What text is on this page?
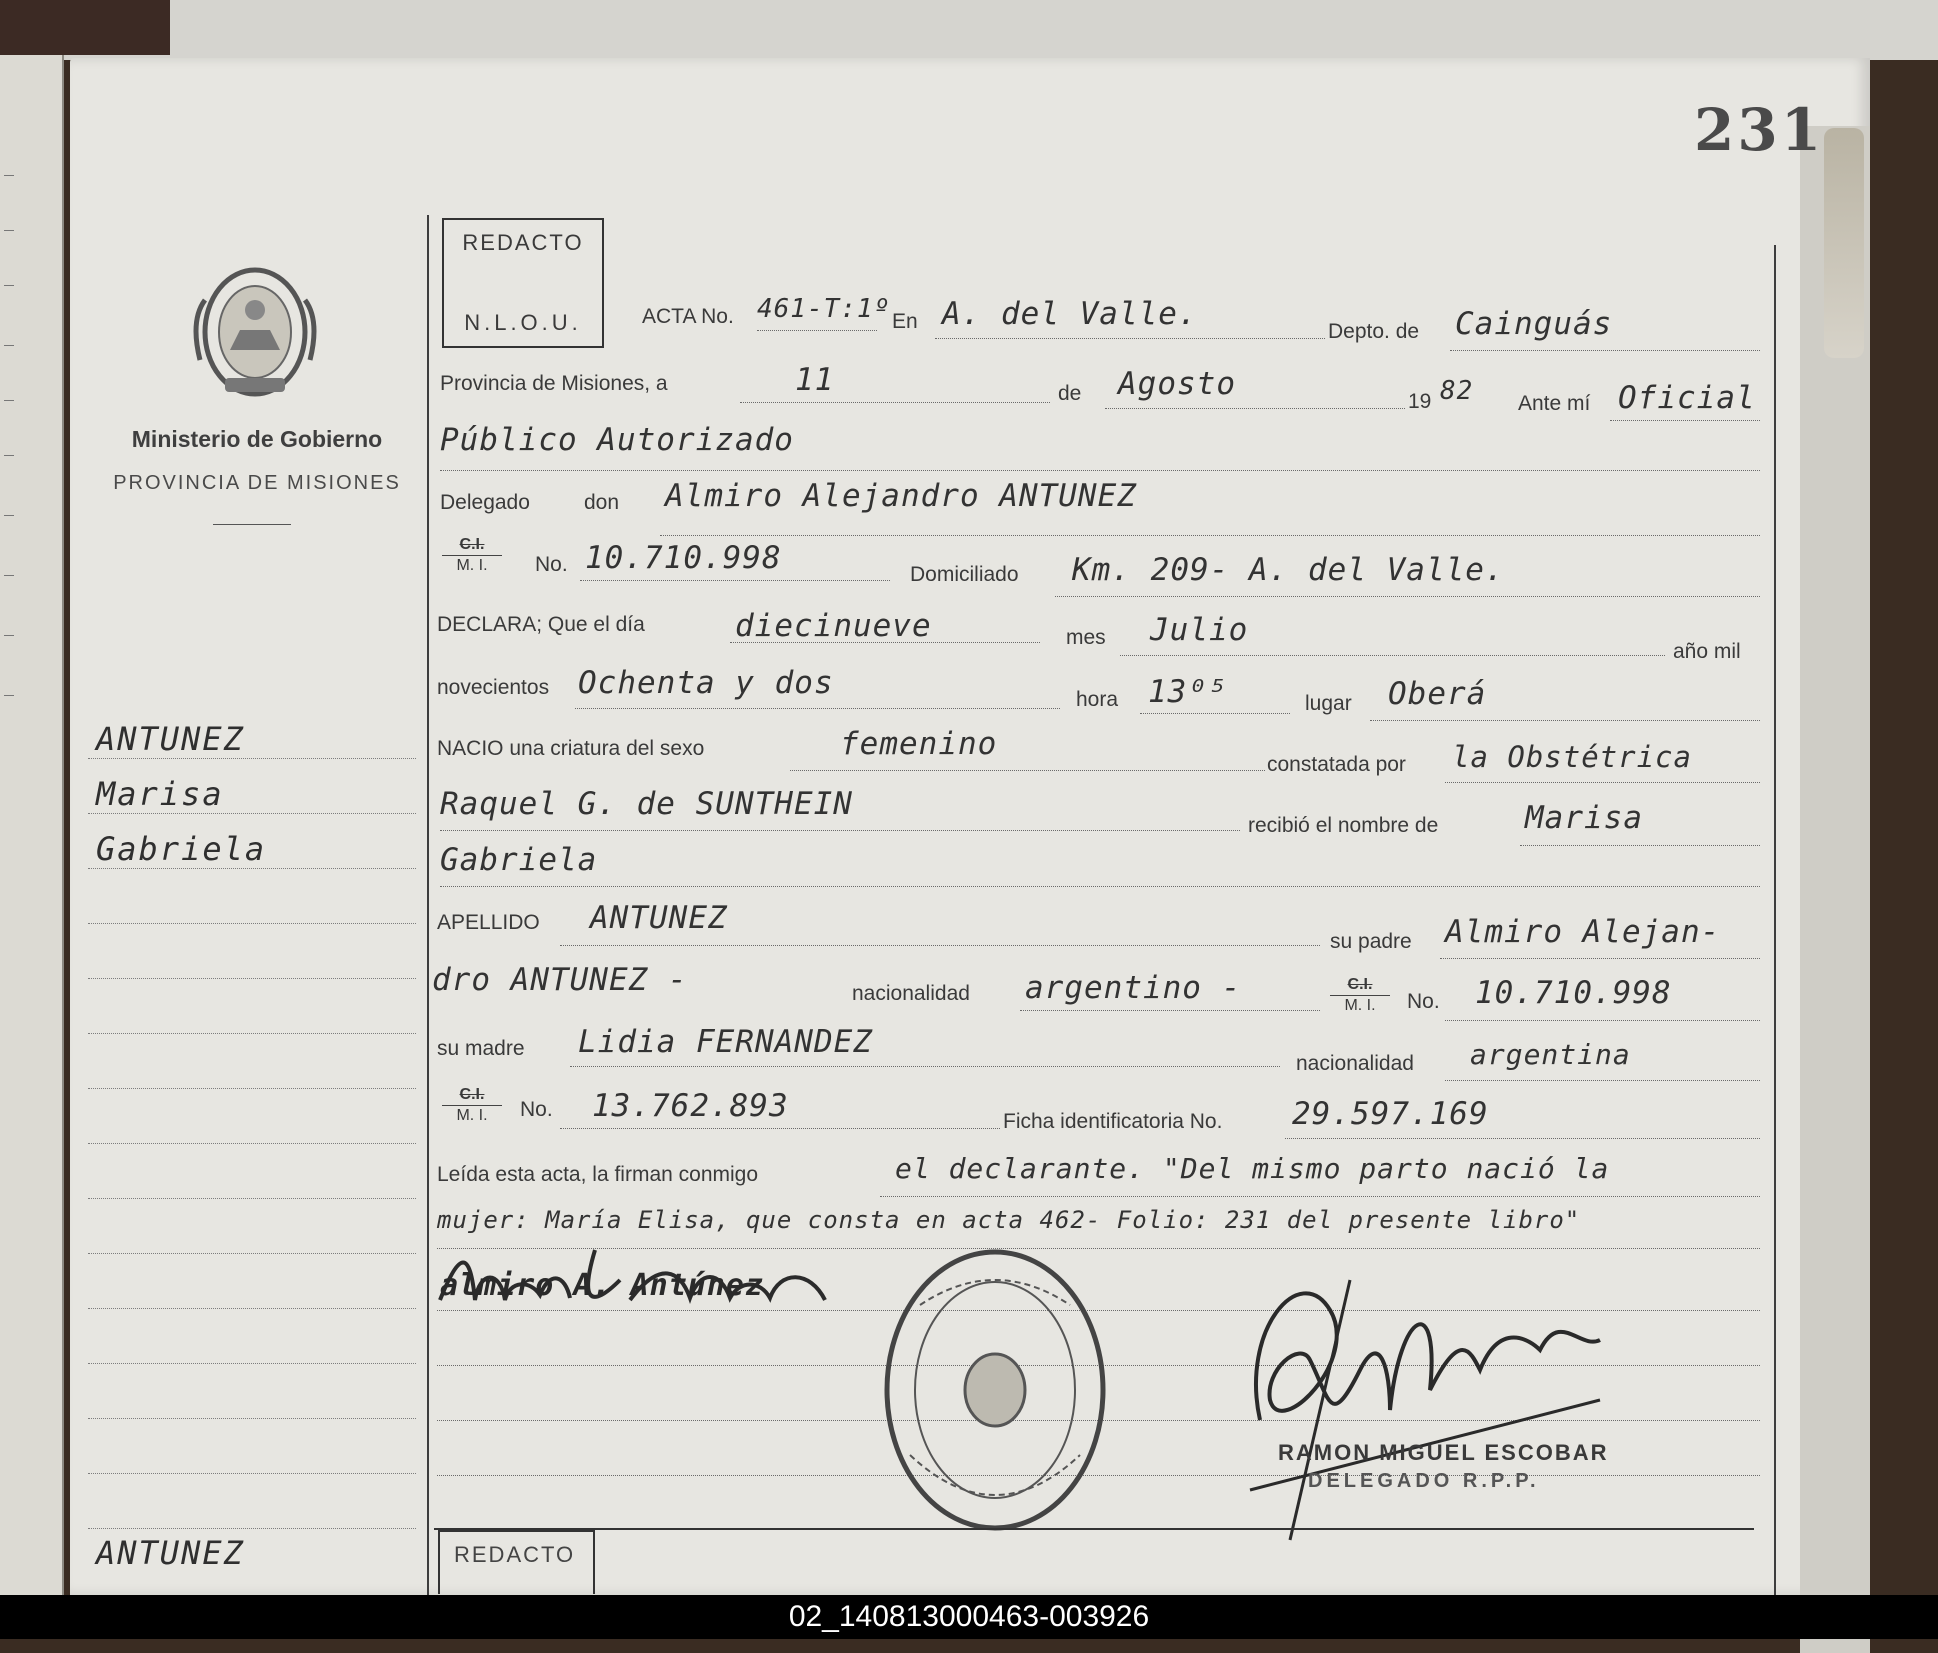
231
Ministerio de Gobierno
PROVINCIA DE MISIONES
ANTUNEZ
Marisa
Gabriela
ANTUNEZ
REDACTO
N.L.O.U.	ACTA No. 461-T:1º En A. del Valle.	Depto. de Cainguás
Provincia de Misiones, a	11	de Agosto	19 82 Ante mí Oficial
Público Autorizado
Delegado	don Almiro Alejandro ANTUNEZ
C.I.
M. I.	No. 10.710.998	Domiciliado Km. 209- A. del Valle.
DECLARA; Que el día	diecinueve	mes Julio
año mil
novecientos Ochenta y dos	hora 13⁰⁵	lugar Oberá
NACIO una criatura del sexo	femenino
constatada por la Obstétrica
Raquel G. de SUNTHEIN
recibió el nombre de	Marisa
Gabriela
APELLIDO ANTUNEZ
su padre Almiro Alejan-
dro ANTUNEZ -	nacionalidad argentino -	C.I.
M. I.	No. 10.710.998
su madre Lidia FERNANDEZ
nacionalidad argentina
C.I.
M. I.	No. 13.762.893	Ficha identificatoria No. 29.597.169
Leída esta acta, la firman conmigo	el declarante. "Del mismo parto nació la
mujer: María Elisa, que consta en acta 462- Folio: 231 del presente libro"
almiro A. Antúnez
RAMON MIGUEL ESCOBAR
DELEGADO R.P.P.
REDACTO
02_140813000463-003926
